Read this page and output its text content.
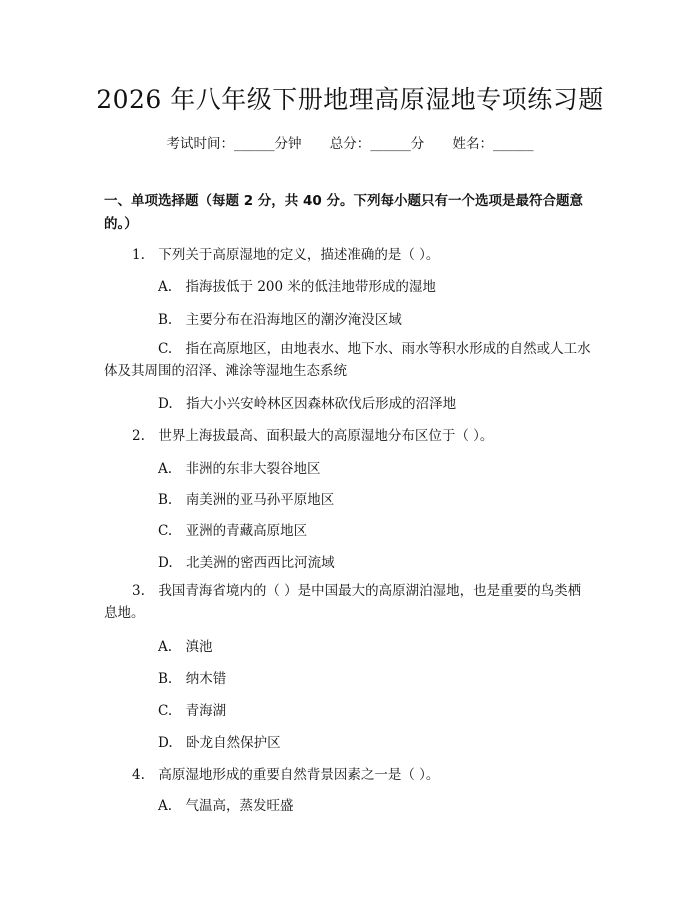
2026 年八年级下册地理高原湿地专项练习题
考试时间：______分钟 总分：______分 姓名：______
一、单项选择题（每题 2 分，共 40 分。下列每小题只有一个选项是最符合题意的。）
1.　下列关于高原湿地的定义，描述准确的是（ ）。
A.　指海拔低于 200 米的低洼地带形成的湿地
B.　主要分布在沿海地区的潮汐淹没区域
C.　指在高原地区，由地表水、地下水、雨水等积水形成的自然或人工水体及其周围的沼泽、滩涂等湿地生态系统
D.　指大小兴安岭林区因森林砍伐后形成的沼泽地
2.　世界上海拔最高、面积最大的高原湿地分布区位于（ ）。
A.　非洲的东非大裂谷地区
B.　南美洲的亚马孙平原地区
C.　亚洲的青藏高原地区
D.　北美洲的密西西比河流域
3.　我国青海省境内的（ ）是中国最大的高原湖泊湿地，也是重要的鸟类栖息地。
A.　滇池
B.　纳木错
C.　青海湖
D.　卧龙自然保护区
4.　高原湿地形成的重要自然背景因素之一是（ ）。
A.　气温高，蒸发旺盛
